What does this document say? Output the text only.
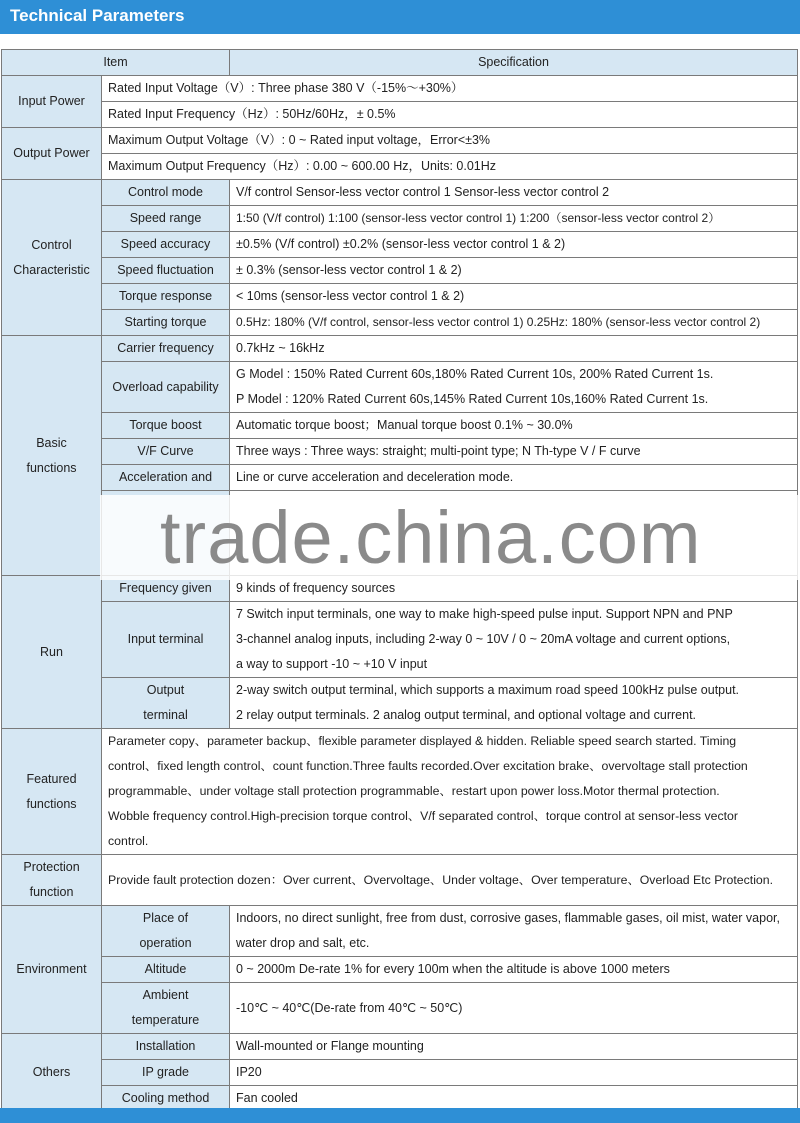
Technical Parameters
Item		Specification
Input Power	Rated Input Voltage（V）: Three phase 380 V（-15%～+30%）	
	Rated Input Frequency（Hz）: 50Hz/60Hz，± 0.5%	
Output Power	Maximum Output Voltage（V）: 0 ~ Rated input voltage，Error<±3%	
	Maximum Output Frequency（Hz）: 0.00 ~ 600.00 Hz，Units: 0.01Hz	

Control
Characteristic	Control mode	V/f control Sensor-less vector control 1 Sensor-less vector control 2
	Speed range	1:50 (V/f control) 1:100 (sensor-less vector control 1) 1:200（sensor-less vector control 2）
	Speed accuracy	±0.5% (V/f control) ±0.2% (sensor-less vector control 1 & 2)
	Speed fluctuation	± 0.3% (sensor-less vector control 1 & 2)
	Torque response	< 10ms (sensor-less vector control 1 & 2)
	Starting torque	0.5Hz: 180% (V/f control, sensor-less vector control 1) 0.25Hz: 180% (sensor-less vector control 2)

Basic
functions	Carrier frequency	0.7kHz ~ 16kHz
	Overload capability	G Model : 150% Rated Current 60s,180% Rated Current 10s, 200% Rated Current 1s.
P Model : 120% Rated Current 60s,145% Rated Current 10s,160% Rated Current 1s.

	Torque boost	Automatic torque boost；Manual torque boost 0.1% ~ 30.0%
	V/F Curve	Three ways : Three ways: straight; multi-point type; N Th-type V / F curve
	Acceleration and	Line or curve acceleration and deceleration mode.

Run	Frequency given	9 kinds of frequency sources
	Input terminal	7 Switch input terminals, one way to make high-speed pulse input. Support NPN and PNP
3-channel analog inputs, including 2-way 0 ~ 10V / 0 ~ 20mA voltage and current options,
a way to support -10 ~ +10 V input

	Output
terminal	2-way switch output terminal, which supports a maximum road speed 100kHz pulse output.
2 relay output terminals. 2 analog output terminal, and optional voltage and current.

Featured
functions	Parameter copy、parameter backup、flexible parameter displayed & hidden. Reliable speed search started. Timing
control、fixed length control、count function.Three faults recorded.Over excitation brake、overvoltage stall protection
programmable、under voltage stall protection programmable、restart upon power loss.Motor thermal protection.
Wobble frequency control.High-precision torque control、V/f separated control、torque control at sensor-less vector
control.	

Protection
function	Provide fault protection dozen：Over current、Overvoltage、Under voltage、Over temperature、Overload Etc Protection.	
Environment	Place of
operation	Indoors, no direct sunlight, free from dust, corrosive gases, flammable gases, oil mist, water vapor,
water drop and salt, etc.

	Altitude	0 ~ 2000m De-rate 1% for every 100m when the altitude is above 1000 meters

	Ambient
temperature	-10℃ ~ 40℃(De-rate from 40℃ ~ 50℃)
Others	Installation	Wall-mounted or Flange mounting
	IP grade	IP20
	Cooling method	Fan cooled
trade.china.com
